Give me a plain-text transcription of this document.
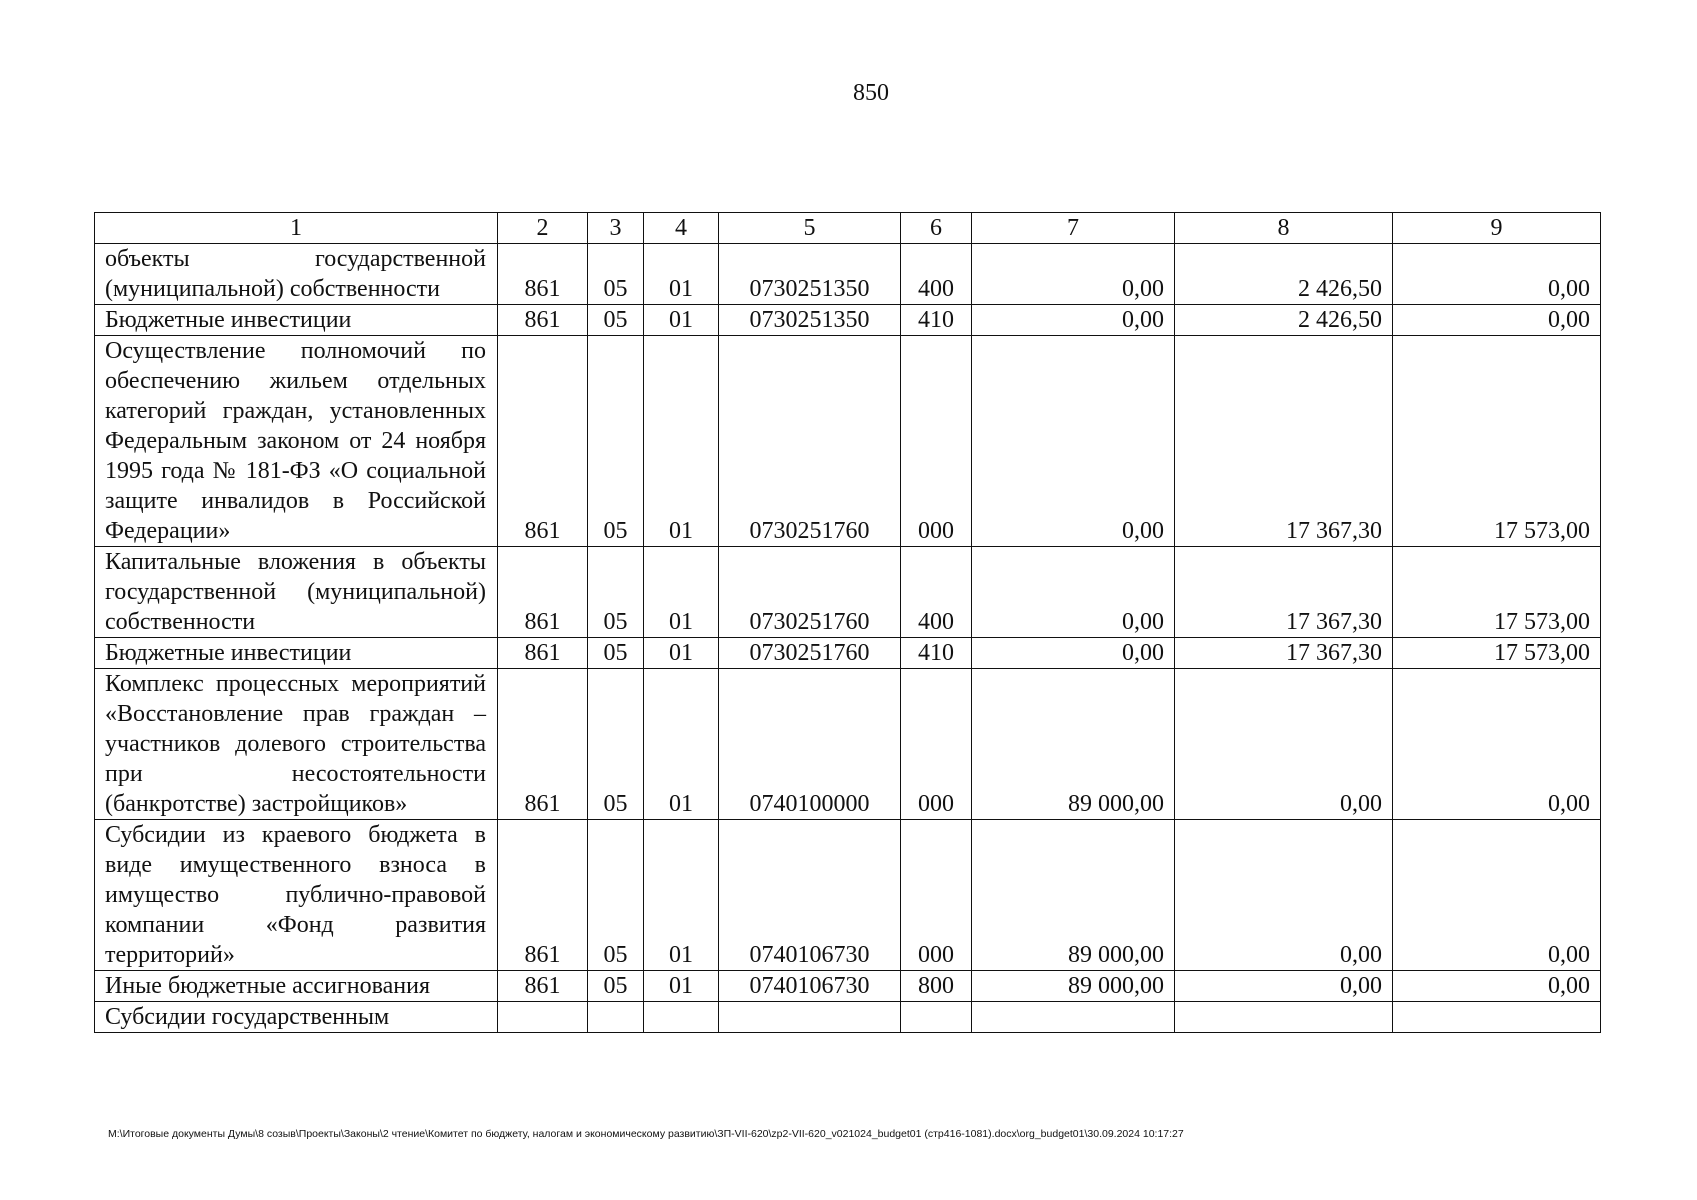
850
1	2	3	4	5	6	7	8	9
объекты государственной (муниципальной) собственности	861	05	01	0730251350	400	0,00	2 426,50	0,00
Бюджетные инвестиции	861	05	01	0730251350	410	0,00	2 426,50	0,00
Осуществление полномочий по обеспечению жильем отдельных категорий граждан, установленных Федеральным законом от 24 ноября 1995 года № 181-ФЗ «О социальной защите инвалидов в Российской Федерации»	861	05	01	0730251760	000	0,00	17 367,30	17 573,00
Капитальные вложения в объекты государственной (муниципальной) собственности	861	05	01	0730251760	400	0,00	17 367,30	17 573,00
Бюджетные инвестиции	861	05	01	0730251760	410	0,00	17 367,30	17 573,00
Комплекс процессных мероприятий «Восстановление прав граждан – участников долевого строительства при несостоятельности (банкротстве) застройщиков»	861	05	01	0740100000	000	89 000,00	0,00	0,00
Субсидии из краевого бюджета в виде имущественного взноса в имущество публично-правовой компании «Фонд развития территорий»	861	05	01	0740106730	000	89 000,00	0,00	0,00
Иные бюджетные ассигнования	861	05	01	0740106730	800	89 000,00	0,00	0,00
Субсидии государственным								
M:\Итоговые документы Думы\8 созыв\Проекты\Законы\2 чтение\Комитет по бюджету, налогам и экономическому развитию\ЗП-VII-620\zp2-VII-620_v021024_budget01 (стр416-1081).docx\org_budget01\30.09.2024 10:17:27
